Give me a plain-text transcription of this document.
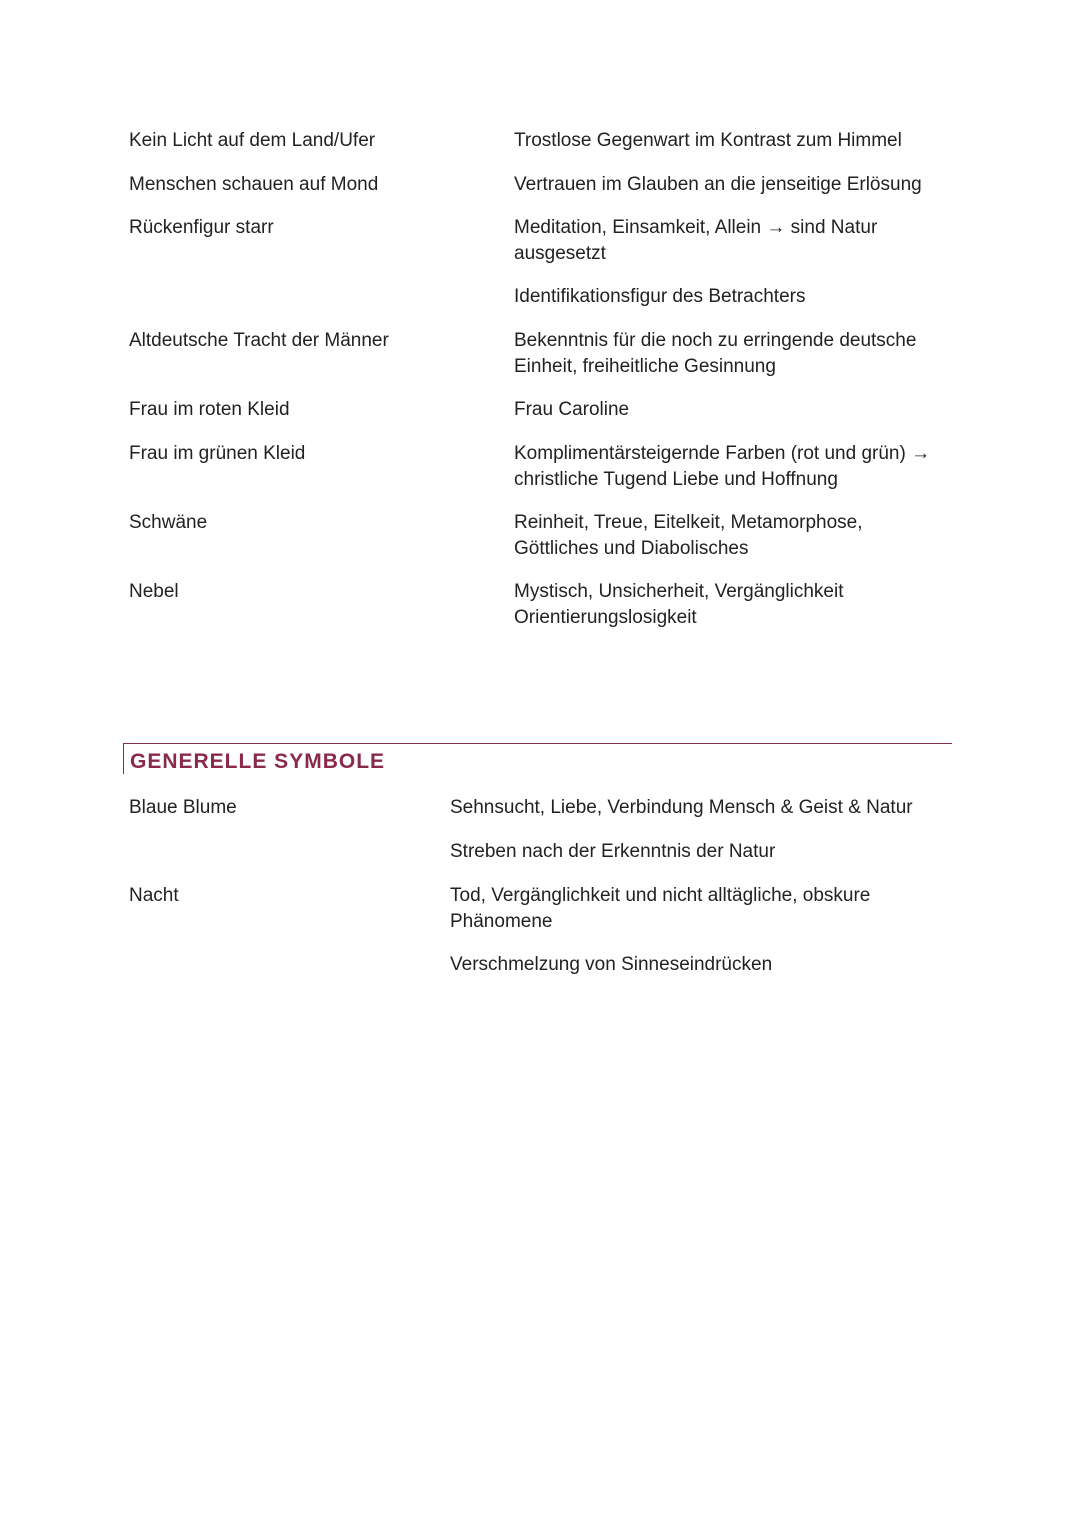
Kein Licht auf dem Land/Ufer	Trostlose Gegenwart im Kontrast zum Himmel

Menschen schauen auf Mond	Vertrauen im Glauben an die jenseitige Erlösung

Rückenfigur starr	Meditation, Einsamkeit, Allein → sind Natur ausgesetzt

Identifikationsfigur des Betrachters

Altdeutsche Tracht der Männer	Bekenntnis für die noch zu erringende deutsche Einheit, freiheitliche Gesinnung

Frau im roten Kleid	Frau Caroline

Frau im grünen Kleid	Komplimentärsteigernde Farben (rot und grün) → christliche Tugend Liebe und Hoffnung

Schwäne	Reinheit, Treue, Eitelkeit, Metamorphose, Göttliches und Diabolisches

Nebel	Mystisch, Unsicherheit, Vergänglichkeit Orientierungslosigkeit

GENERELLE SYMBOLE

Blaue Blume	Sehnsucht, Liebe, Verbindung Mensch & Geist & Natur

Streben nach der Erkenntnis der Natur

Nacht	Tod, Vergänglichkeit und nicht alltägliche, obskure Phänomene

Verschmelzung von Sinneseindrücken
